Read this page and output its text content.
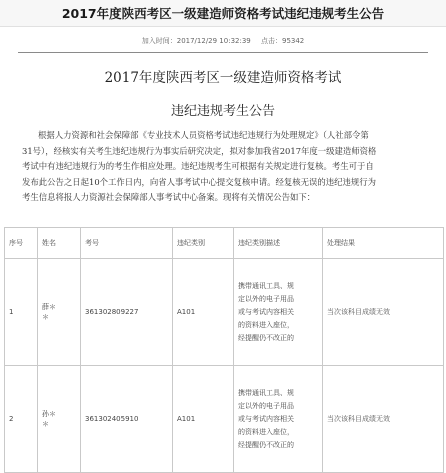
2017年度陕西考区一级建造师资格考试违纪违规考生公告
加入时间：2017/12/29 10:32:39 点击：95342
2017年度陕西考区一级建造师资格考试
违纪违规考生公告
根据人力资源和社会保障部《专业技术人员资格考试违纪违规行为处理规定》（人社部令第
31号），经核实有关考生违纪违规行为事实后研究决定，拟对参加我省2017年度一级建造师资格
考试中有违纪违规行为的考生作相应处理。违纪违规考生可根据有关规定进行复核。考生可于自
发布此公告之日起10个工作日内，向省人事考试中心提交复核申请。经复核无误的违纪违规行为
考生信息将报人力资源社会保障部人事考试中心备案。现将有关情况公告如下：
序号	姓名	考号	违纪类别	违纪类别描述	处理结果
1	薛＊
＊	361302809227	A101	携带通讯工具、规
定以外的电子用品
或与考试内容相关
的资料进入座位，
经提醒仍不改正的	当次该科目成绩无效
2	孙＊
＊	361302405910	A101	携带通讯工具、规
定以外的电子用品
或与考试内容相关
的资料进入座位，
经提醒仍不改正的	当次该科目成绩无效
